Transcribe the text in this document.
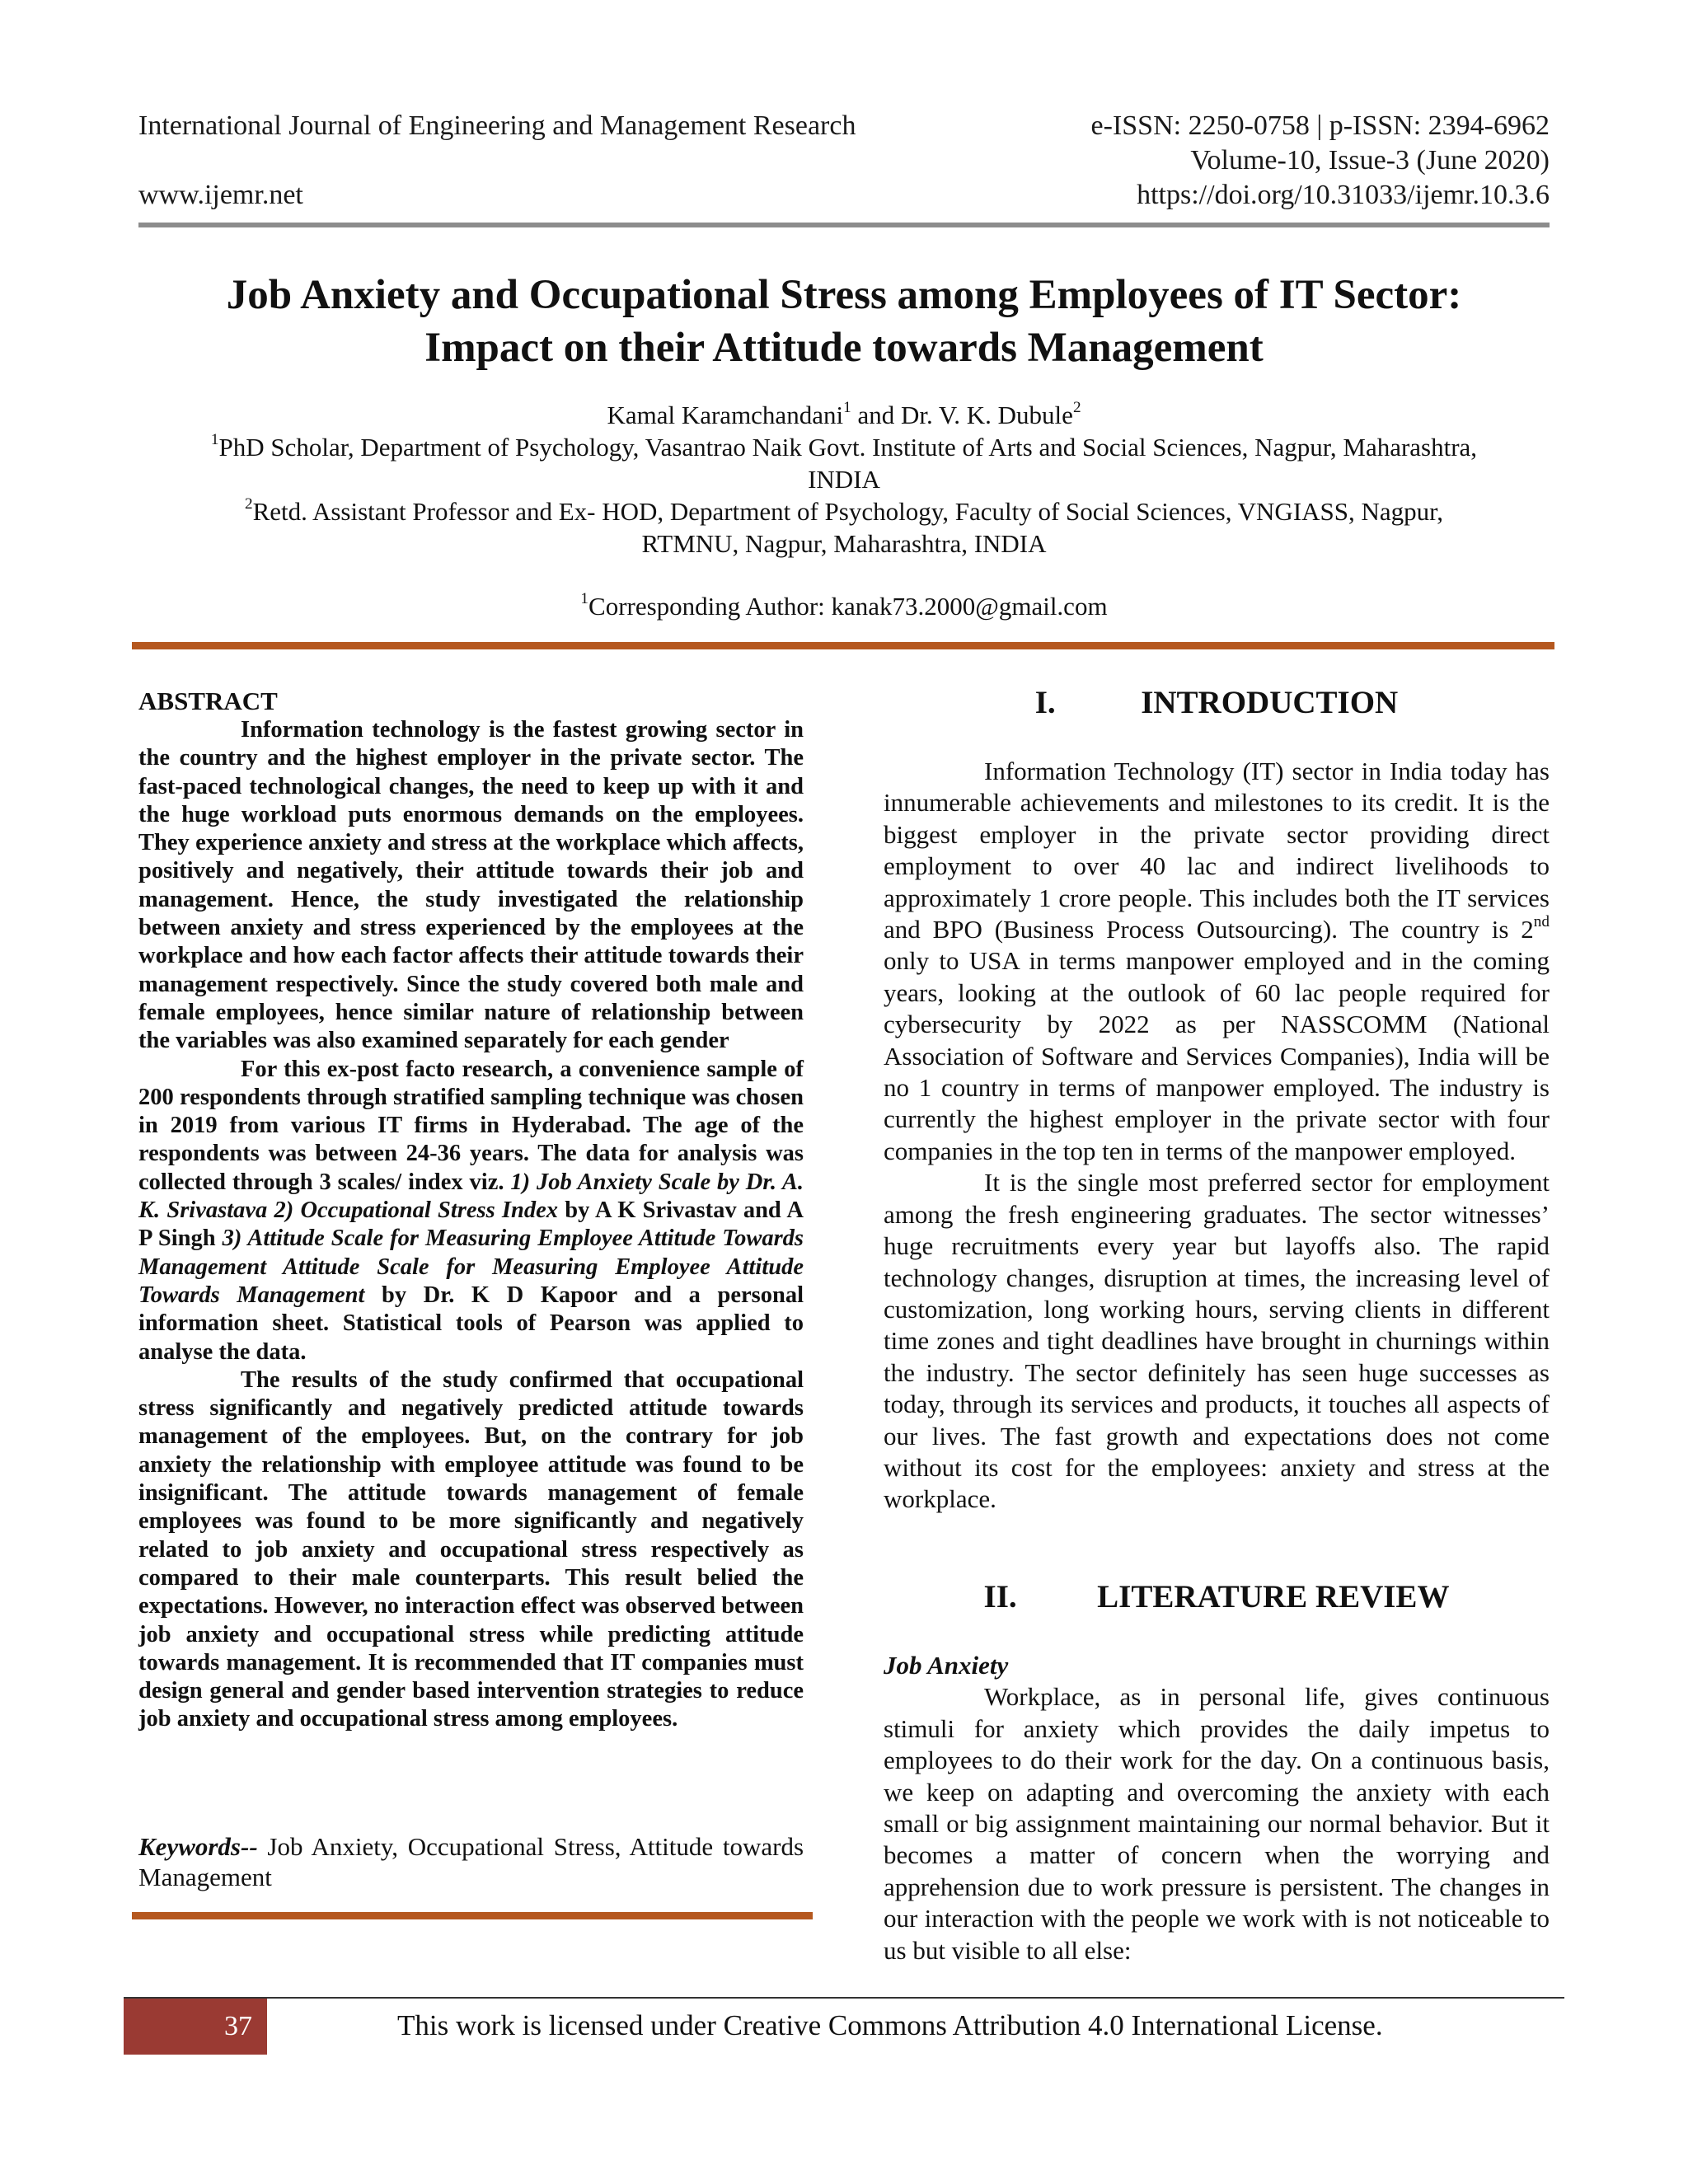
International Journal of Engineering and Management Research	e-ISSN: 2250-0758 | p-ISSN: 2394-6962
Volume-10, Issue-3 (June 2020)
www.ijemr.net	https://doi.org/10.31033/ijemr.10.3.6
Job Anxiety and Occupational Stress among Employees of IT Sector:
Impact on their Attitude towards Management
Kamal Karamchandani$^1$ and Dr. V. K. Dubule$^2$
$^1$PhD Scholar, Department of Psychology, Vasantrao Naik Govt. Institute of Arts and Social Sciences, Nagpur, Maharashtra,
INDIA
$^2$Retd. Assistant Professor and Ex- HOD, Department of Psychology, Faculty of Social Sciences, VNGIASS, Nagpur,
RTMNU, Nagpur, Maharashtra, INDIA
$^1$Corresponding Author: kanak73.2000@gmail.com
ABSTRACT

Information technology is the fastest growing sector in the country and the highest employer in the private sector. The fast-paced technological changes, the need to keep up with it and the huge workload puts enormous demands on the employees. They experience anxiety and stress at the workplace which affects, positively and negatively, their attitude towards their job and management. Hence, the study investigated the relationship between anxiety and stress experienced by the employees at the workplace and how each factor affects their attitude towards their management respectively. Since the study covered both male and female employees, hence similar nature of relationship between the variables was also examined separately for each gender

For this ex-post facto research, a convenience sample of 200 respondents through stratified sampling technique was chosen in 2019 from various IT firms in Hyderabad. The age of the respondents was between 24-36 years. The data for analysis was collected through 3 scales/ index viz. 1) Job Anxiety Scale by Dr. A. K. Srivastava 2) Occupational Stress Index by A K Srivastav and A P Singh 3) Attitude Scale for Measuring Employee Attitude Towards Management Attitude Scale for Measuring Employee Attitude Towards Management by Dr. K D Kapoor and a personal information sheet. Statistical tools of Pearson was applied to analyse the data.

The results of the study confirmed that occupational stress significantly and negatively predicted attitude towards management of the employees. But, on the contrary for job anxiety the relationship with employee attitude was found to be insignificant. The attitude towards management of female employees was found to be more significantly and negatively related to job anxiety and occupational stress respectively as compared to their male counterparts. This result belied the expectations. However, no interaction effect was observed between job anxiety and occupational stress while predicting attitude towards management. It is recommended that IT companies must design general and gender based intervention strategies to reduce job anxiety and occupational stress among employees.

Keywords-- Job Anxiety, Occupational Stress, Attitude towards Management
I.	INTRODUCTION

Information Technology (IT) sector in India today has innumerable achievements and milestones to its credit. It is the biggest employer in the private sector providing direct employment to over 40 lac and indirect livelihoods to approximately 1 crore people. This includes both the IT services and BPO (Business Process Outsourcing). The country is 2nd only to USA in terms manpower employed and in the coming years, looking at the outlook of 60 lac people required for cybersecurity by 2022 as per NASSCOMM (National Association of Software and Services Companies), India will be no 1 country in terms of manpower employed. The industry is currently the highest employer in the private sector with four companies in the top ten in terms of the manpower employed.

It is the single most preferred sector for employment among the fresh engineering graduates. The sector witnesses’ huge recruitments every year but layoffs also. The rapid technology changes, disruption at times, the increasing level of customization, long working hours, serving clients in different time zones and tight deadlines have brought in churnings within the industry. The sector definitely has seen huge successes as today, through its services and products, it touches all aspects of our lives. The fast growth and expectations does not come without its cost for the employees: anxiety and stress at the workplace.

II.	LITERATURE REVIEW

Job Anxiety

Workplace, as in personal life, gives continuous stimuli for anxiety which provides the daily impetus to employees to do their work for the day. On a continuous basis, we keep on adapting and overcoming the anxiety with each small or big assignment maintaining our normal behavior. But it becomes a matter of concern when the worrying and apprehension due to work pressure is persistent. The changes in our interaction with the people we work with is not noticeable to us but visible to all else:

37	This work is licensed under Creative Commons Attribution 4.0 International License.
